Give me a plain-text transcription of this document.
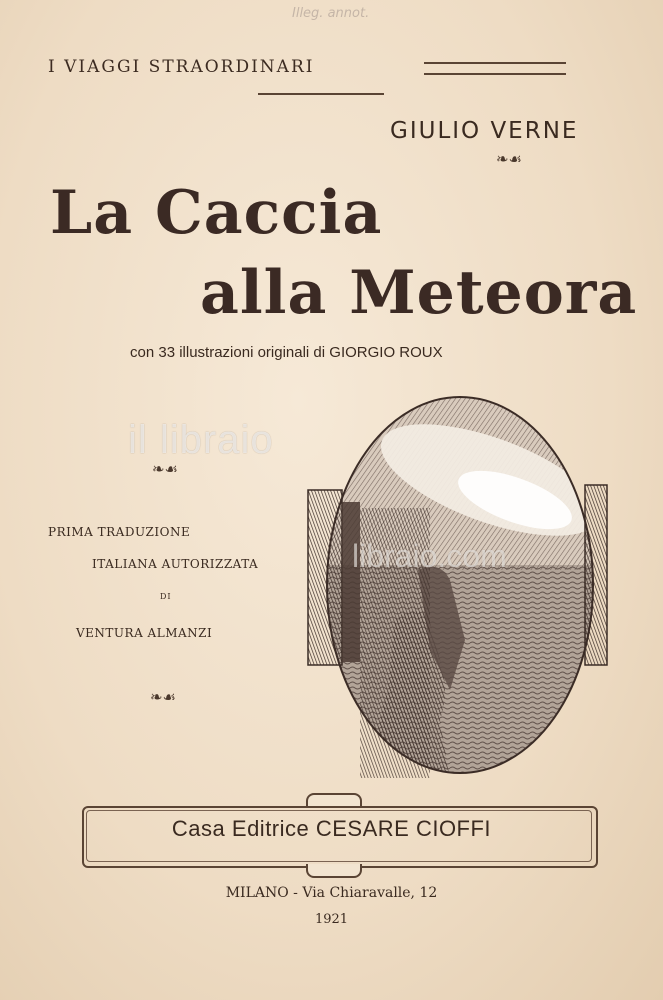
Illeg. annot.
I VIAGGI STRAORDINARI
GIULIO VERNE
❧☙
La Caccia
alla Meteora
con 33 illustrazioni originali di GIORGIO ROUX
il libraio
❧☙
PRIMA TRADUZIONE
ITALIANA AUTORIZZATA
DI
VENTURA ALMANZI
❧☙
libraio.com
Casa Editrice CESARE CIOFFI
MILANO - Via Chiaravalle, 12
1921
